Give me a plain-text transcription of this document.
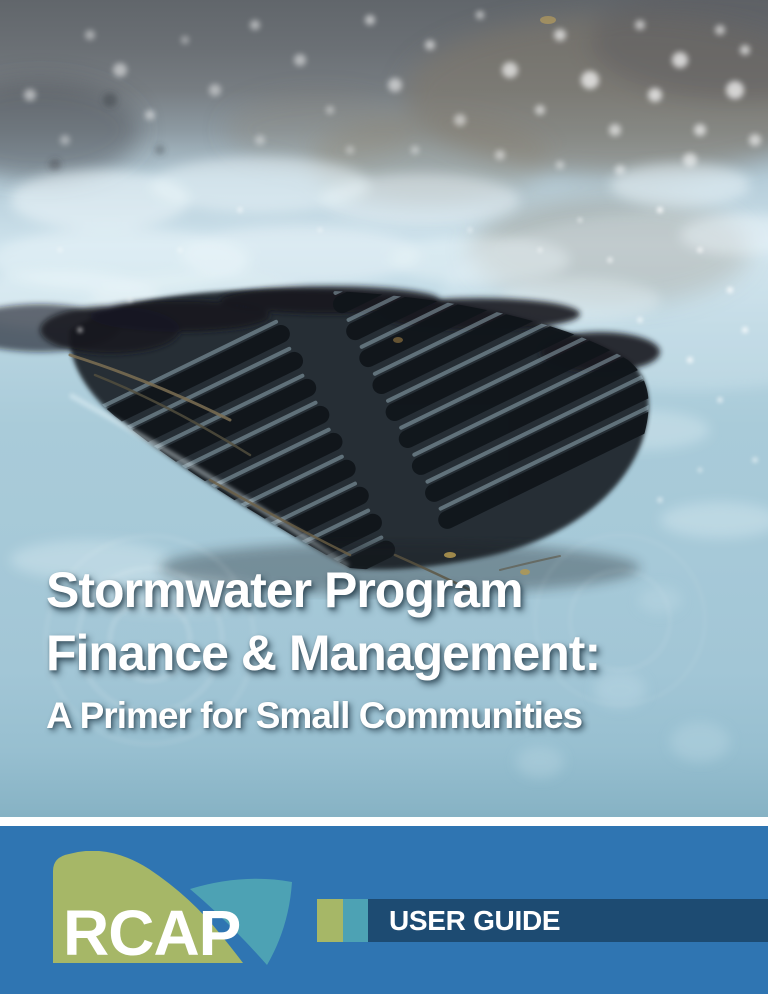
Stormwater Program
Finance & Management:
A Primer for Small Communities
RCAP	USER GUIDE
